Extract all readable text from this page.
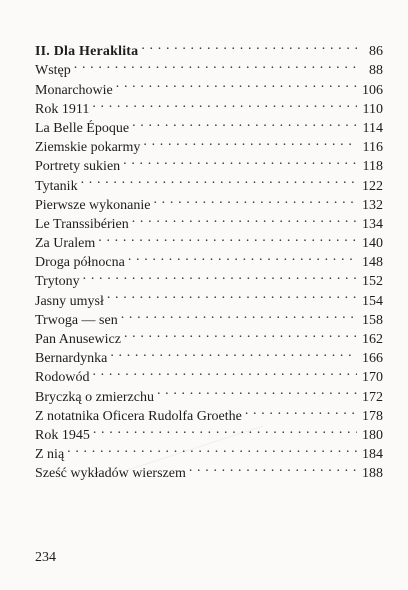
II. Dla Heraklita . . .	86
Wstęp . . .	88
Monarchowie . . .	106
Rok 1911 . . .	110
La Belle Époque . . .	114
Ziemskie pokarmy . . .	116
Portrety sukien . . .	118
Tytanik . . .	122
Pierwsze wykonanie . . .	132
Le Transsibérien . . .	134
Za Uralem . . .	140
Droga północna . . .	148
Trytony . . .	152
Jasny umysł . . .	154
Trwoga — sen . . .	158
Pan Anusewicz . . .	162
Bernardynka . . .	166
Rodowód . . .	170
Bryczką o zmierzchu . . .	172
Z notatnika Oficera Rudolfa Groethe . . .	178
Rok 1945 . . .	180
Z nią . . .	184
Sześć wykładów wierszem . . .	188
234
